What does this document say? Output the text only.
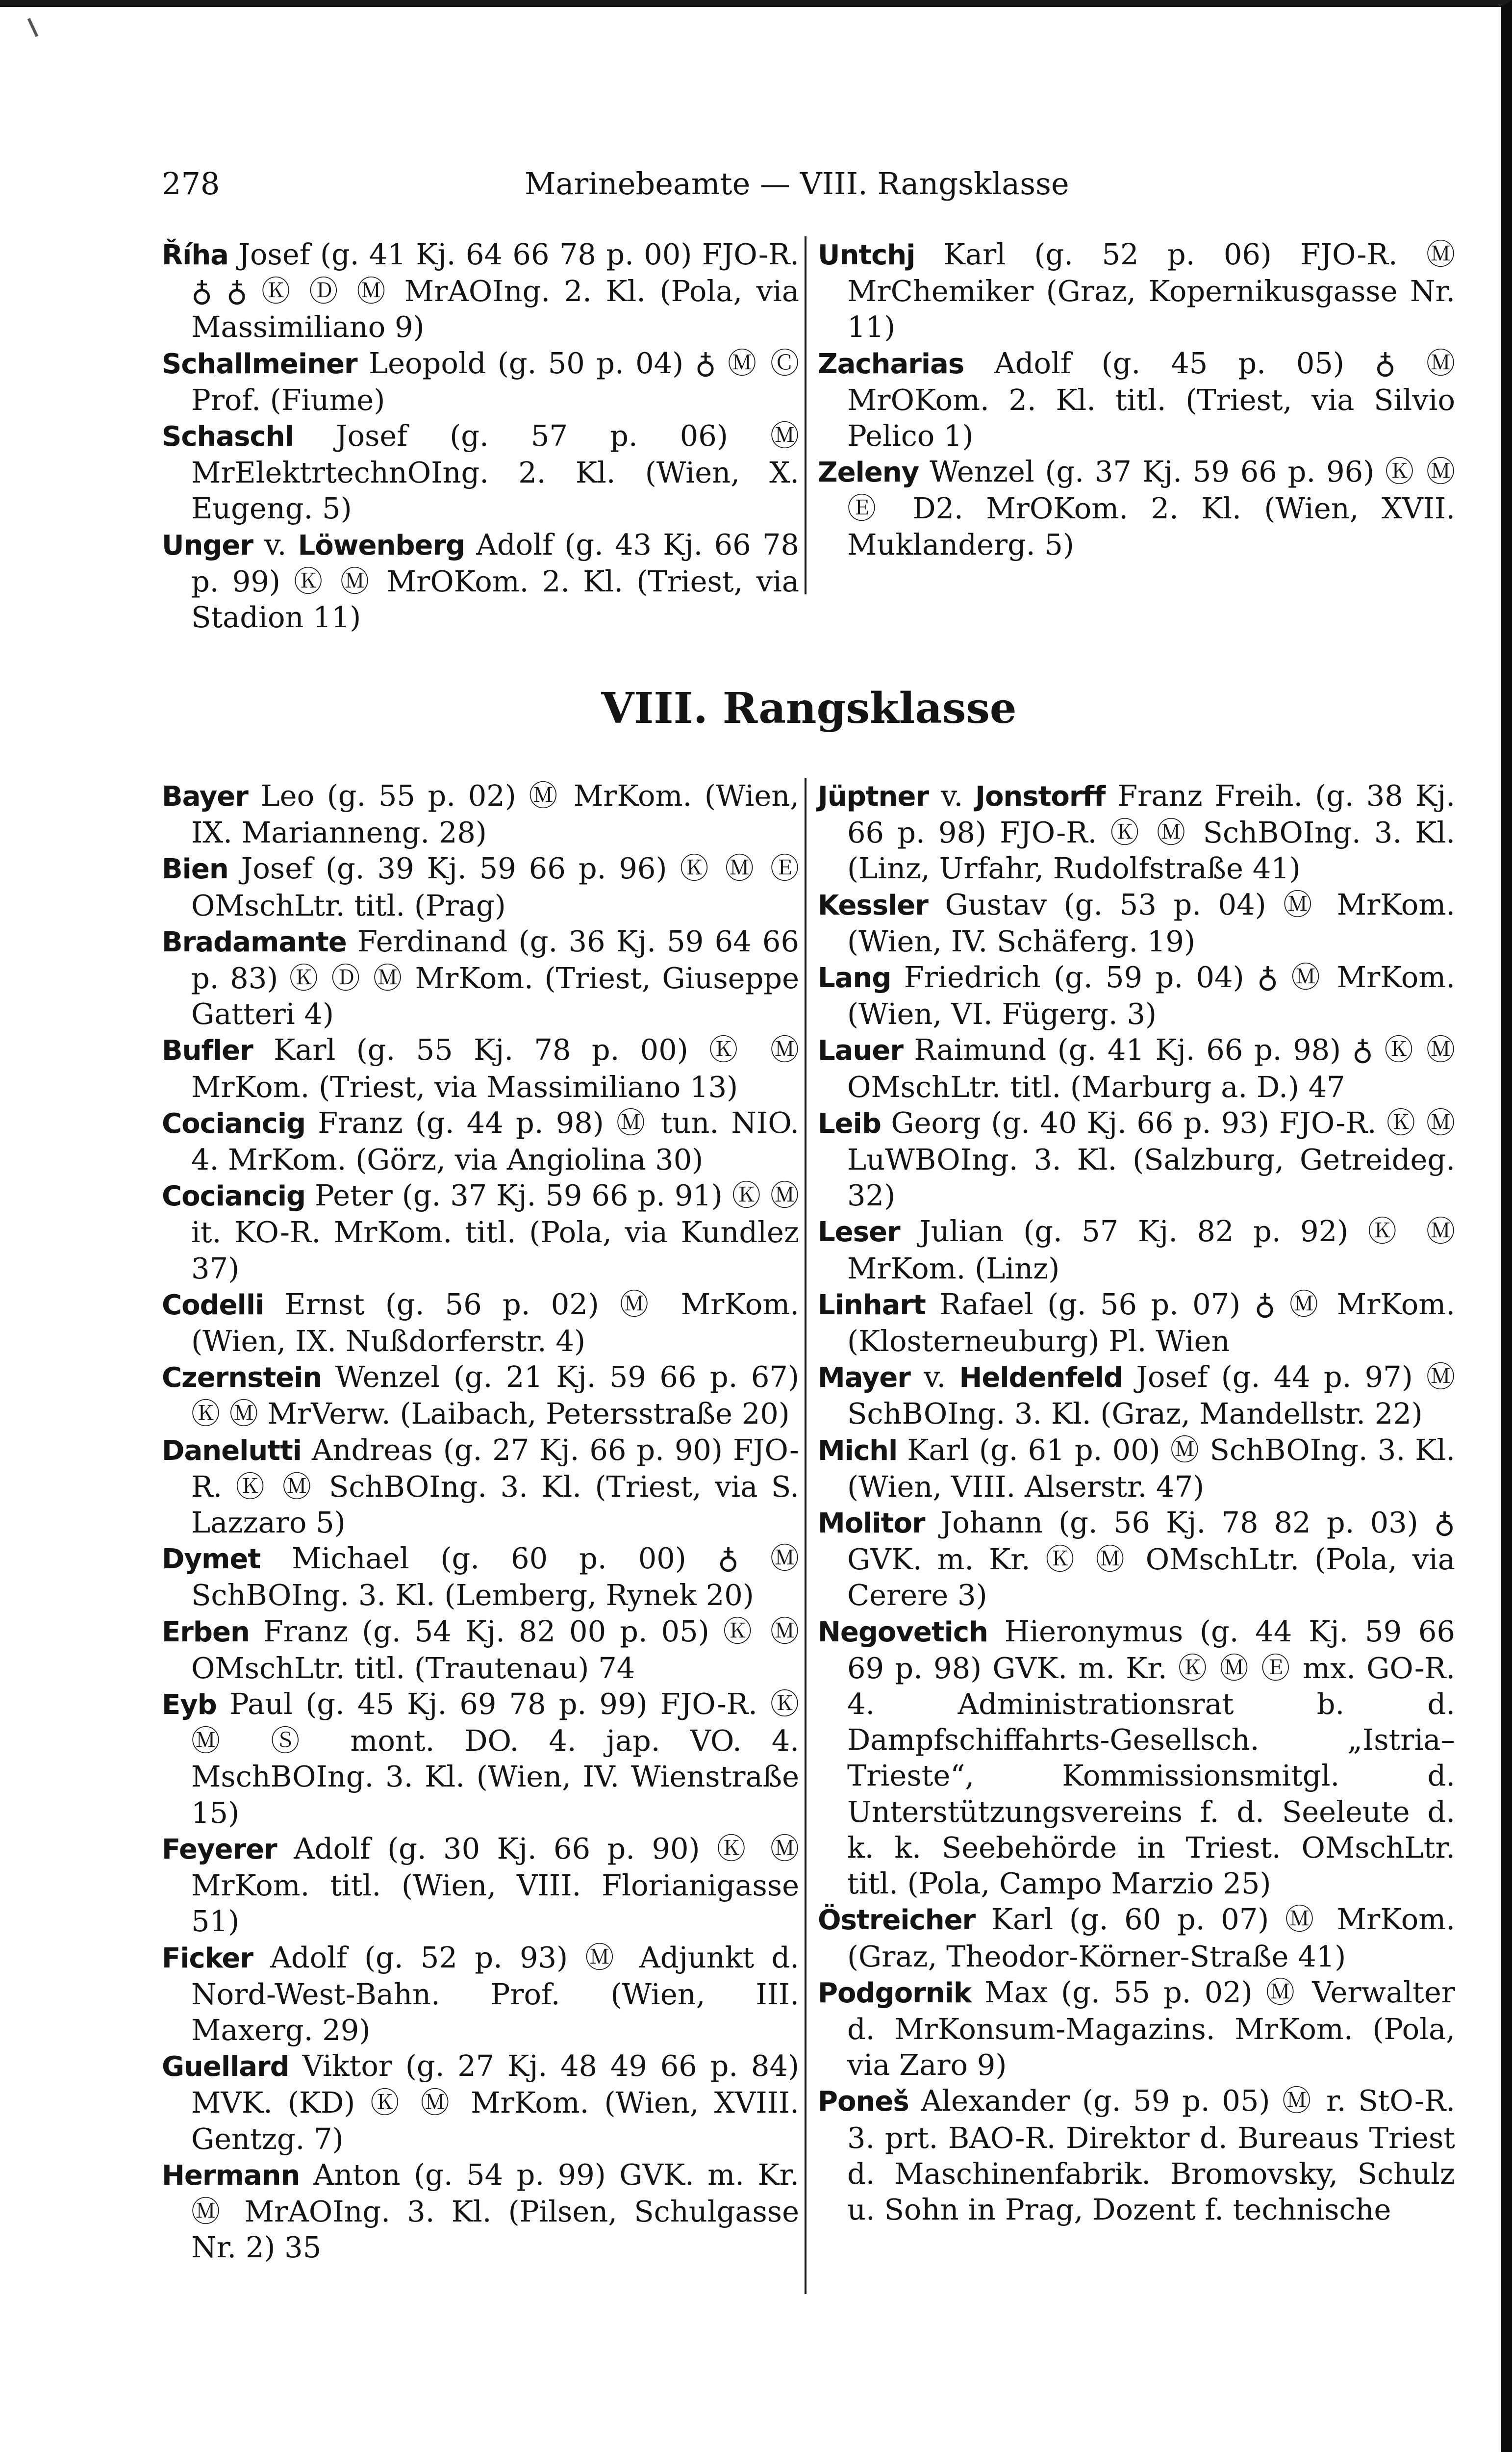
278	Marinebeamte — VIII. Rangsklasse

Říha Josef (g. 41 Kj. 64 66 78 p. 00) FJO-R. ♁ ♁ Ⓚ Ⓓ Ⓜ MrAOIng. 2. Kl. (Pola, via Massimiliano 9)

Schallmeiner Leopold (g. 50 p. 04) ♁ Ⓜ Ⓒ Prof. (Fiume)

Schaschl Josef (g. 57 p. 06) Ⓜ MrElektrtechnOIng. 2. Kl. (Wien, X. Eugeng. 5)

Unger v. Löwenberg Adolf (g. 43 Kj. 66 78 p. 99) Ⓚ Ⓜ MrOKom. 2. Kl. (Triest, via Stadion 11)

Untchj Karl (g. 52 p. 06) FJO-R. Ⓜ MrChemiker (Graz, Kopernikusgasse Nr. 11)

Zacharias Adolf (g. 45 p. 05) ♁ Ⓜ MrOKom. 2. Kl. titl. (Triest, via Silvio Pelico 1)

Zeleny Wenzel (g. 37 Kj. 59 66 p. 96) Ⓚ Ⓜ Ⓔ D2. MrOKom. 2. Kl. (Wien, XVII. Muklanderg. 5)

VIII. Rangsklasse

Bayer Leo (g. 55 p. 02) Ⓜ MrKom. (Wien, IX. Marianneng. 28)

Bien Josef (g. 39 Kj. 59 66 p. 96) Ⓚ Ⓜ Ⓔ OMschLtr. titl. (Prag)

Bradamante Ferdinand (g. 36 Kj. 59 64 66 p. 83) Ⓚ Ⓓ Ⓜ MrKom. (Triest, Giuseppe Gatteri 4)

Bufler Karl (g. 55 Kj. 78 p. 00) Ⓚ Ⓜ MrKom. (Triest, via Massimiliano 13)

Cociancig Franz (g. 44 p. 98) Ⓜ tun. NIO. 4. MrKom. (Görz, via Angiolina 30)

Cociancig Peter (g. 37 Kj. 59 66 p. 91) Ⓚ Ⓜ it. KO-R. MrKom. titl. (Pola, via Kundlez 37)

Codelli Ernst (g. 56 p. 02) Ⓜ MrKom. (Wien, IX. Nußdorferstr. 4)

Czernstein Wenzel (g. 21 Kj. 59 66 p. 67) Ⓚ Ⓜ MrVerw. (Laibach, Petersstraße 20)

Danelutti Andreas (g. 27 Kj. 66 p. 90) FJO-R. Ⓚ Ⓜ SchBOIng. 3. Kl. (Triest, via S. Lazzaro 5)

Dymet Michael (g. 60 p. 00) ♁ Ⓜ SchBOIng. 3. Kl. (Lemberg, Rynek 20)

Erben Franz (g. 54 Kj. 82 00 p. 05) Ⓚ Ⓜ OMschLtr. titl. (Trautenau) 74

Eyb Paul (g. 45 Kj. 69 78 p. 99) FJO-R. Ⓚ Ⓜ Ⓢ mont. DO. 4. jap. VO. 4. MschBOIng. 3. Kl. (Wien, IV. Wienstraße 15)

Feyerer Adolf (g. 30 Kj. 66 p. 90) Ⓚ Ⓜ MrKom. titl. (Wien, VIII. Florianigasse 51)

Ficker Adolf (g. 52 p. 93) Ⓜ Adjunkt d. Nord-West-Bahn. Prof. (Wien, III. Maxerg. 29)

Guellard Viktor (g. 27 Kj. 48 49 66 p. 84) MVK. (KD) Ⓚ Ⓜ MrKom. (Wien, XVIII. Gentzg. 7)

Hermann Anton (g. 54 p. 99) GVK. m. Kr. Ⓜ MrAOIng. 3. Kl. (Pilsen, Schulgasse Nr. 2) 35

Jüptner v. Jonstorff Franz Freih. (g. 38 Kj. 66 p. 98) FJO-R. Ⓚ Ⓜ SchBOIng. 3. Kl. (Linz, Urfahr, Rudolfstraße 41)

Kessler Gustav (g. 53 p. 04) Ⓜ MrKom. (Wien, IV. Schäferg. 19)

Lang Friedrich (g. 59 p. 04) ♁ Ⓜ MrKom. (Wien, VI. Fügerg. 3)

Lauer Raimund (g. 41 Kj. 66 p. 98) ♁ Ⓚ Ⓜ OMschLtr. titl. (Marburg a. D.) 47

Leib Georg (g. 40 Kj. 66 p. 93) FJO-R. Ⓚ Ⓜ LuWBOIng. 3. Kl. (Salzburg, Getreideg. 32)

Leser Julian (g. 57 Kj. 82 p. 92) Ⓚ Ⓜ MrKom. (Linz)

Linhart Rafael (g. 56 p. 07) ♁ Ⓜ MrKom. (Klosterneuburg) Pl. Wien

Mayer v. Heldenfeld Josef (g. 44 p. 97) Ⓜ SchBOIng. 3. Kl. (Graz, Mandellstr. 22)

Michl Karl (g. 61 p. 00) Ⓜ SchBOIng. 3. Kl. (Wien, VIII. Alserstr. 47)

Molitor Johann (g. 56 Kj. 78 82 p. 03) ♁ GVK. m. Kr. Ⓚ Ⓜ OMschLtr. (Pola, via Cerere 3)

Negovetich Hieronymus (g. 44 Kj. 59 66 69 p. 98) GVK. m. Kr. Ⓚ Ⓜ Ⓔ mx. GO-R. 4. Administrationsrat b. d. Dampfschiffahrts-Gesellsch. „Istria–Trieste“, Kommissionsmitgl. d. Unterstützungsvereins f. d. Seeleute d. k. k. Seebehörde in Triest. OMschLtr. titl. (Pola, Campo Marzio 25)

Östreicher Karl (g. 60 p. 07) Ⓜ MrKom. (Graz, Theodor-Körner-Straße 41)

Podgornik Max (g. 55 p. 02) Ⓜ Verwalter d. MrKonsum-Magazins. MrKom. (Pola, via Zaro 9)

Poneš Alexander (g. 59 p. 05) Ⓜ r. StO-R. 3. prt. BAO-R. Direktor d. Bureaus Triest d. Maschinenfabrik. Bromovsky, Schulz u. Sohn in Prag, Dozent f. technische
